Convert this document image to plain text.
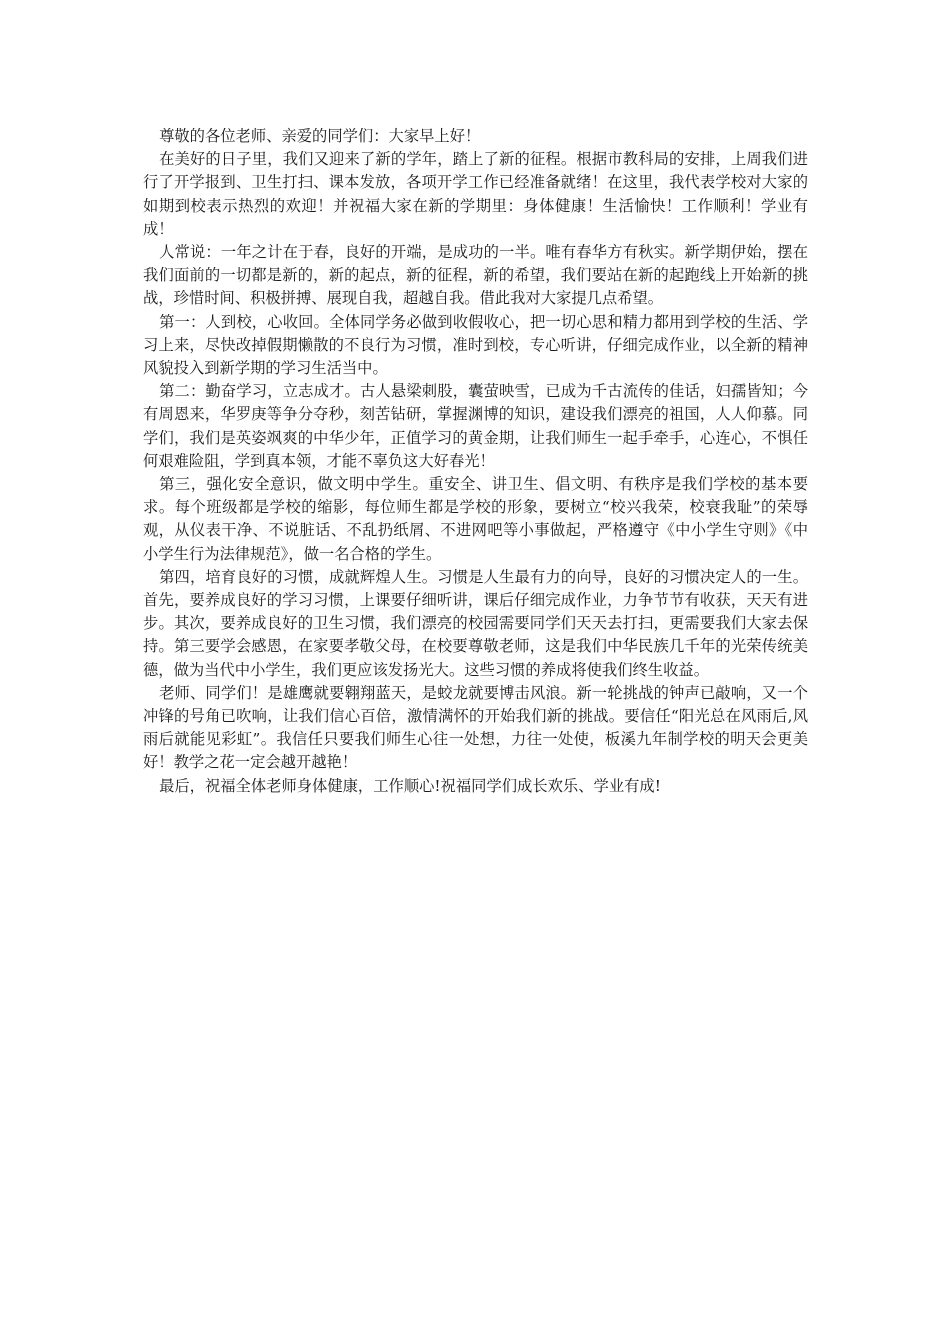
尊敬的各位老师、亲爱的同学们：大家早上好！

在美好的日子里，我们又迎来了新的学年，踏上了新的征程。根据市教科局的安排，上周我们进行了开学报到、卫生打扫、课本发放，各项开学工作已经准备就绪！在这里，我代表学校对大家的如期到校表示热烈的欢迎！并祝福大家在新的学期里：身体健康！生活愉快！工作顺利！学业有成！

人常说：一年之计在于春，良好的开端，是成功的一半。唯有春华方有秋实。新学期伊始，摆在我们面前的一切都是新的，新的起点，新的征程，新的希望，我们要站在新的起跑线上开始新的挑战，珍惜时间、积极拼搏、展现自我，超越自我。借此我对大家提几点希望。

第一：人到校，心收回。全体同学务必做到收假收心，把一切心思和精力都用到学校的生活、学习上来，尽快改掉假期懒散的不良行为习惯，准时到校，专心听讲，仔细完成作业，以全新的精神风貌投入到新学期的学习生活当中。

第二：勤奋学习，立志成才。古人悬梁刺股，囊萤映雪，已成为千古流传的佳话，妇孺皆知；今有周恩来，华罗庚等争分夺秒，刻苦钻研，掌握渊博的知识，建设我们漂亮的祖国，人人仰慕。同学们，我们是英姿飒爽的中华少年，正值学习的黄金期，让我们师生一起手牵手，心连心，不惧任何艰难险阻，学到真本领，才能不辜负这大好春光！

第三，强化安全意识，做文明中学生。重安全、讲卫生、倡文明、有秩序是我们学校的基本要求。每个班级都是学校的缩影，每位师生都是学校的形象，要树立“校兴我荣，校衰我耻”的荣辱观，从仪表干净、不说脏话、不乱扔纸屑、不进网吧等小事做起，严格遵守《中小学生守则》《中小学生行为法律规范》，做一名合格的学生。

第四，培育良好的习惯，成就辉煌人生。习惯是人生最有力的向导，良好的习惯决定人的一生。首先，要养成良好的学习习惯，上课要仔细听讲，课后仔细完成作业，力争节节有收获，天天有进步。其次，要养成良好的卫生习惯，我们漂亮的校园需要同学们天天去打扫，更需要我们大家去保持。第三要学会感恩，在家要孝敬父母，在校要尊敬老师，这是我们中华民族几千年的光荣传统美德，做为当代中小学生，我们更应该发扬光大。这些习惯的养成将使我们终生收益。

老师、同学们！是雄鹰就要翱翔蓝天，是蛟龙就要博击风浪。新一轮挑战的钟声已敲响，又一个冲锋的号角已吹响，让我们信心百倍，激情满怀的开始我们新的挑战。要信任“阳光总在风雨后,风雨后就能见彩虹”。我信任只要我们师生心往一处想，力往一处使，板溪九年制学校的明天会更美好！教学之花一定会越开越艳！

最后，祝福全体老师身体健康，工作顺心!祝福同学们成长欢乐、学业有成!
